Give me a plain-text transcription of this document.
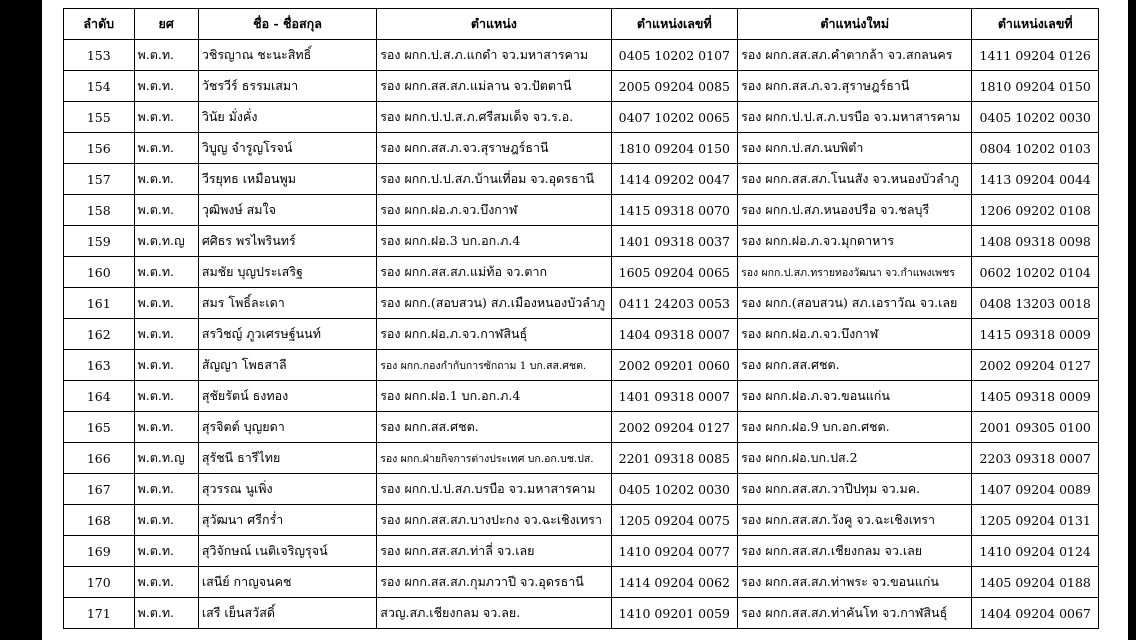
ลำดับ	ยศ	ชื่อ - ชื่อสกุล	ตำแหน่ง	ตำแหน่งเลขที่	ตำแหน่งใหม่	ตำแหน่งเลขที่
153	พ.ต.ท.	วชิรญาณ ชะนะสิทธิ์	รอง ผกก.ป.ส.ภ.แกดำ จว.มหาสารคาม	0405 10202 0107	รอง ผกก.สส.สภ.คำตากล้า จว.สกลนคร	1411 09204 0126
154	พ.ต.ท.	วัชรวีร์ ธรรมเสมา	รอง ผกก.สส.สภ.แม่ลาน จว.ปัตตานี	2005 09204 0085	รอง ผกก.สส.ภ.จว.สุราษฎร์ธานี	1810 09204 0150
155	พ.ต.ท.	วินัย มั่งคั่ง	รอง ผกก.ป.ป.ส.ภ.ศรีสมเด็จ จว.ร.อ.	0407 10202 0065	รอง ผกก.ป.ป.ส.ภ.บรบือ จว.มหาสารคาม	0405 10202 0030
156	พ.ต.ท.	วิบูญ จำรูญโรจน์	รอง ผกก.สส.ภ.จว.สุราษฎร์ธานี	1810 09204 0150	รอง ผกก.ป.สภ.นบพิตำ	0804 10202 0103
157	พ.ต.ท.	วีรยุทธ เหมือนพูม	รอง ผกก.ป.ป.สภ.บ้านเที่อม จว.อุดรธานี	1414 09202 0047	รอง ผกก.สส.สภ.โนนสัง จว.หนองบัวลำภู	1413 09204 0044
158	พ.ต.ท.	วุฒิพงษ์ สมใจ	รอง ผกก.ฝอ.ภ.จว.บึงกาฬ	1415 09318 0070	รอง ผกก.ป.สภ.หนองปรือ จว.ชลบุรี	1206 09202 0108
159	พ.ต.ท.ญ	ศศิธร พรไพรินทร์	รอง ผกก.ฝอ.3 บก.อก.ภ.4	1401 09318 0037	รอง ผกก.ฝอ.ภ.จว.มุกดาหาร	1408 09318 0098
160	พ.ต.ท.	สมชัย บุญประเสริฐ	รอง ผกก.สส.สภ.แม่ท้อ จว.ตาก	1605 09204 0065	รอง ผกก.ป.สภ.ทรายทองวัฒนา จว.กำแพงเพชร	0602 10202 0104
161	พ.ต.ท.	สมร โพธิ์ละเดา	รอง ผกก.(สอบสวน) สภ.เมืองหนองบัวลำภู	0411 24203 0053	รอง ผกก.(สอบสวน) สภ.เอราวัณ จว.เลย	0408 13203 0018
162	พ.ต.ท.	สรวิชญ์ ภูวเศรษฐ์นนท์	รอง ผกก.ฝอ.ภ.จว.กาฬสินธุ์	1404 09318 0007	รอง ผกก.ฝอ.ภ.จว.บึงกาฬ	1415 09318 0009
163	พ.ต.ท.	สัญญา โพธสาลี	รอง ผกก.กองกำกับการซักถาม 1 บก.สส.ศชต.	2002 09201 0060	รอง ผกก.สส.ศชต.	2002 09204 0127
164	พ.ต.ท.	สุชัยรัตน์ ธงทอง	รอง ผกก.ฝอ.1 บก.อก.ภ.4	1401 09318 0007	รอง ผกก.ฝอ.ภ.จว.ขอนแก่น	1405 09318 0009
165	พ.ต.ท.	สุรจิตต์ บุญยดา	รอง ผกก.สส.ศชต.	2002 09204 0127	รอง ผกก.ฝอ.9 บก.อก.ศชต.	2001 09305 0100
166	พ.ต.ท.ญ	สุรัชนี ธารีไทย	รอง ผกก.ฝ่ายกิจการต่างประเทศ บก.อก.บช.ปส.	2201 09318 0085	รอง ผกก.ฝอ.บก.ปส.2	2203 09318 0007
167	พ.ต.ท.	สุวรรณ นูเพิ่ง	รอง ผกก.ป.ป.สภ.บรบือ จว.มหาสารคาม	0405 10202 0030	รอง ผกก.สส.สภ.วาปีปทุม จว.มค.	1407 09204 0089
168	พ.ต.ท.	สุวัฒนา ศรีกร่ำ	รอง ผกก.สส.สภ.บางปะกง จว.ฉะเชิงเทรา	1205 09204 0075	รอง ผกก.สส.สภ.วังคู จว.ฉะเชิงเทรา	1205 09204 0131
169	พ.ต.ท.	สุวิจักษณ์ เนติเจริญรุจน์	รอง ผกก.สส.สภ.ท่าลี่ จว.เลย	1410 09204 0077	รอง ผกก.สส.สภ.เชียงกลม จว.เลย	1410 09204 0124
170	พ.ต.ท.	เสนีย์ กาญจนคช	รอง ผกก.สส.สภ.กุมภวาปี จว.อุดรธานี	1414 09204 0062	รอง ผกก.สส.สภ.ท่าพระ จว.ขอนแก่น	1405 09204 0188
171	พ.ต.ท.	เสรี เย็นสวัสดิ์	สวญ.สภ.เชียงกลม จว.ลย.	1410 09201 0059	รอง ผกก.สส.สภ.ท่าคันโท จว.กาฬสินธุ์	1404 09204 0067
